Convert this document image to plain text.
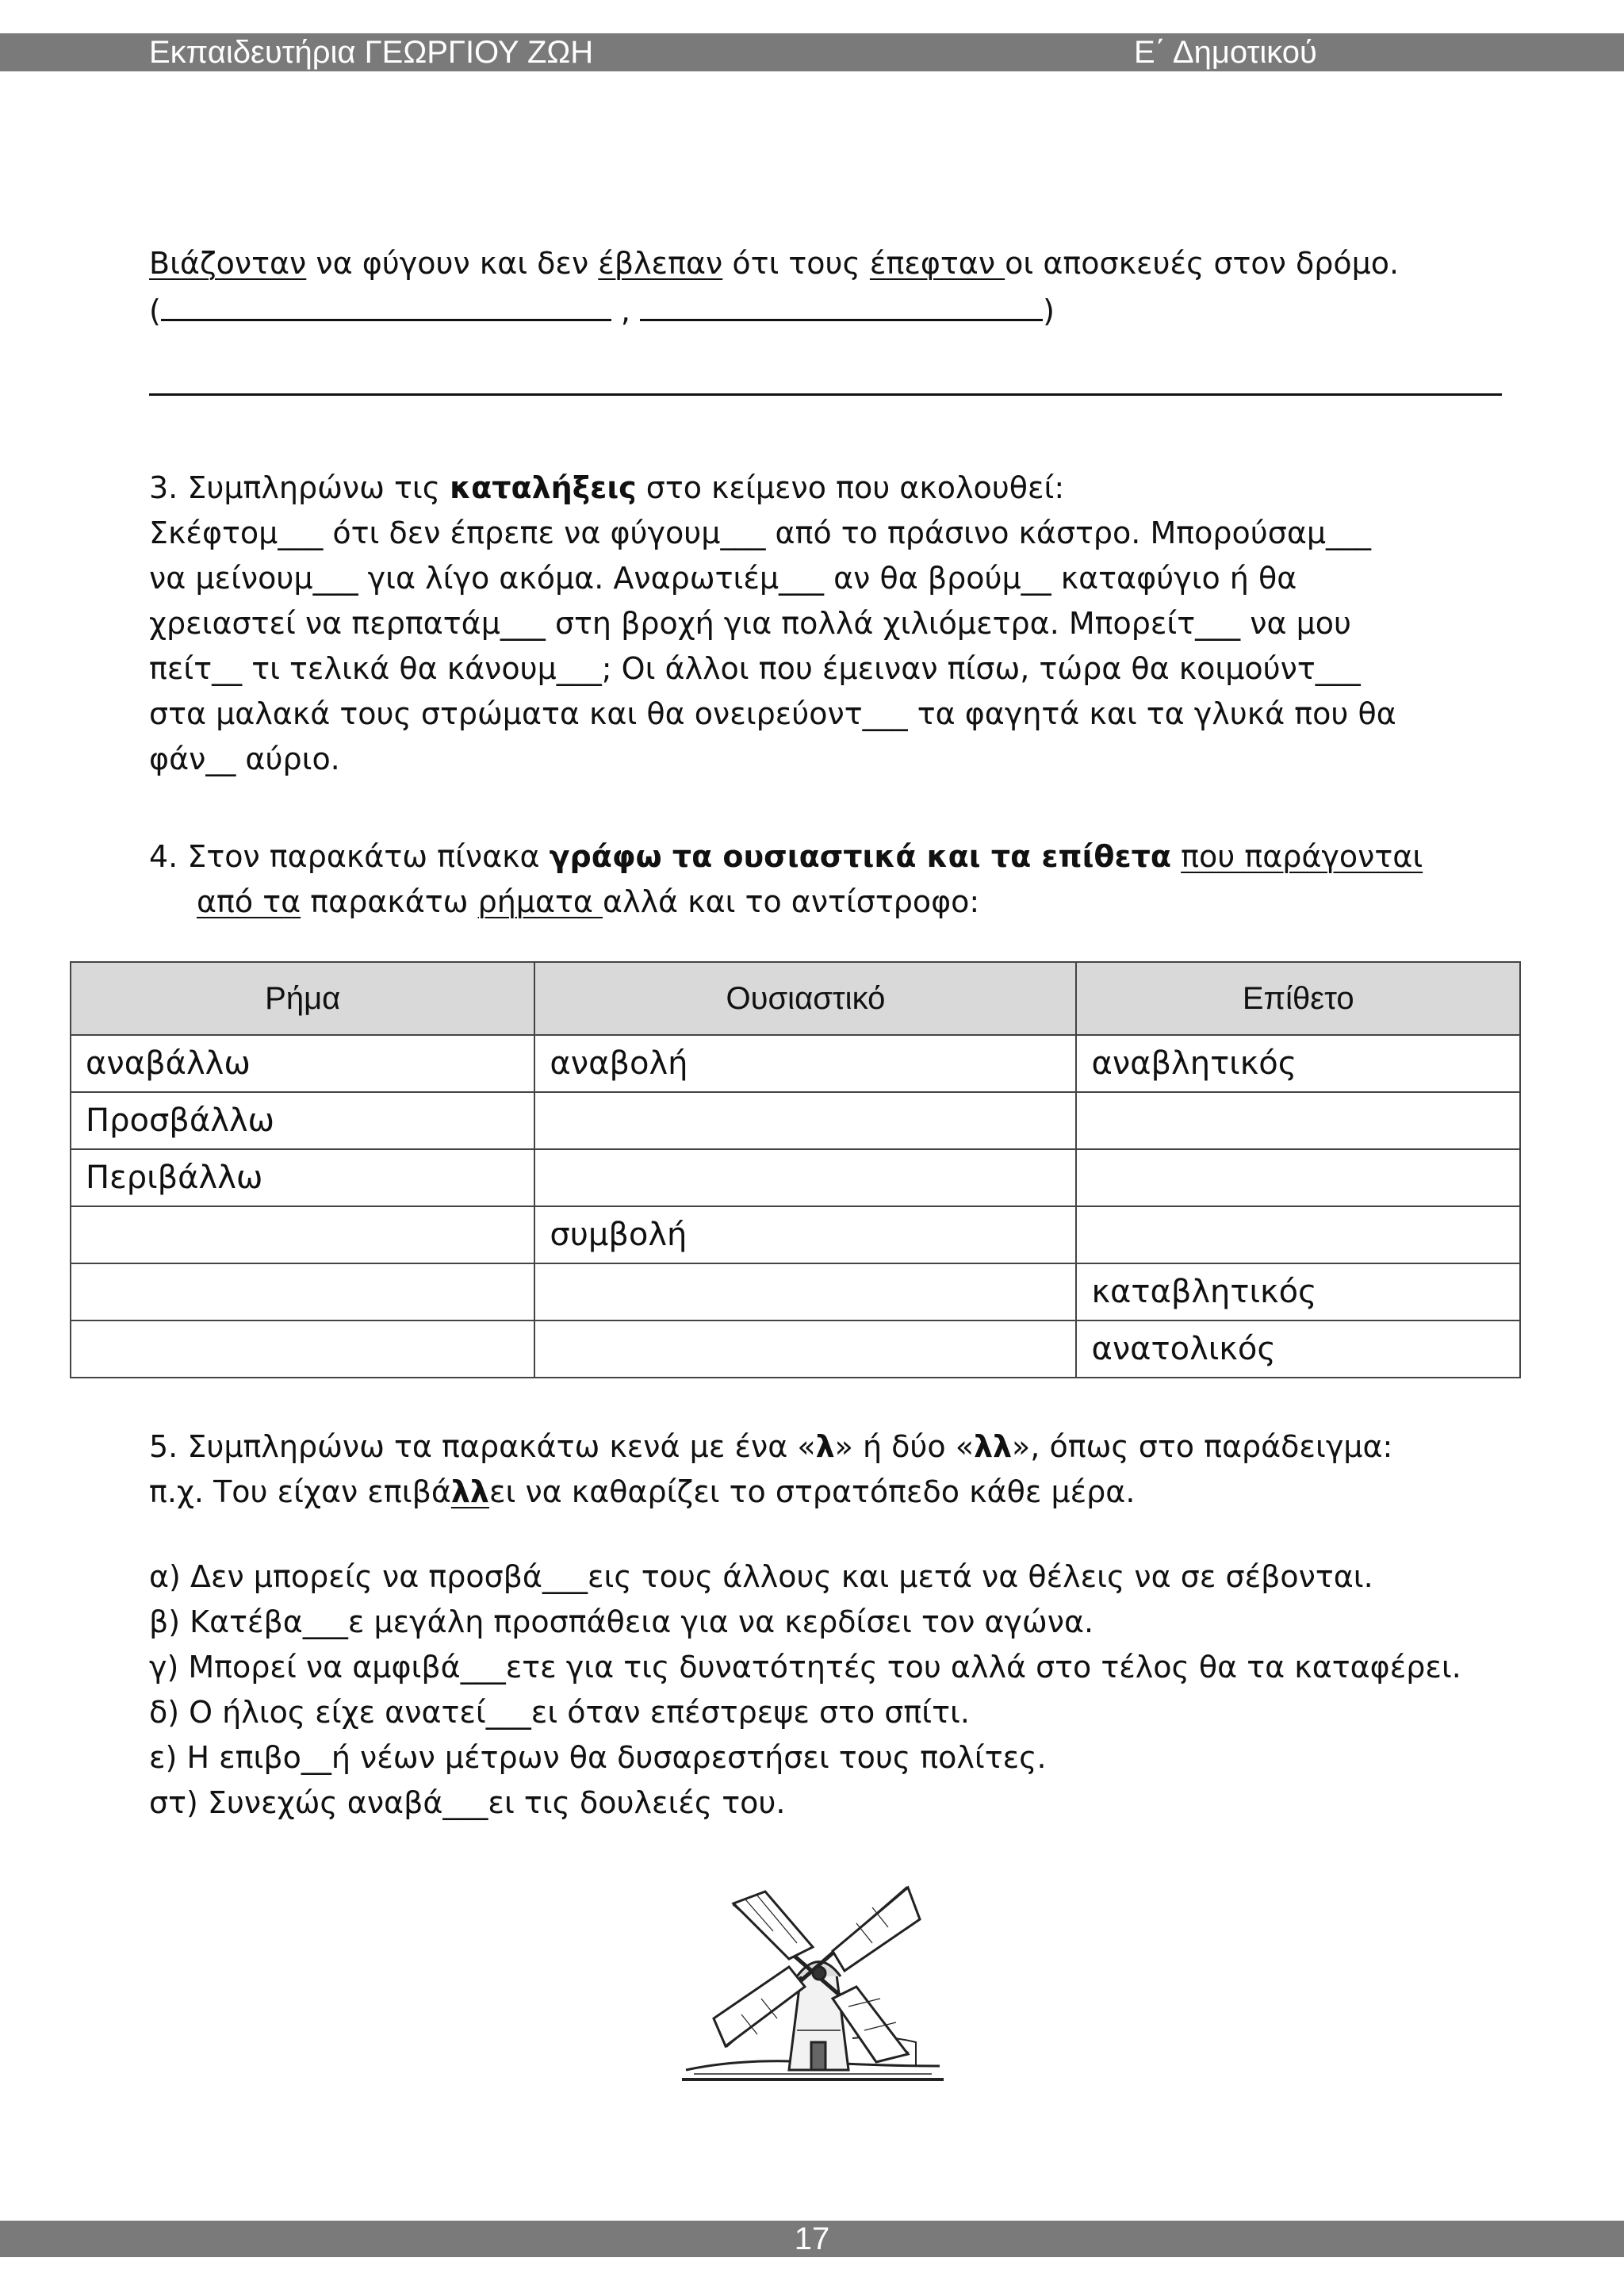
Εκπαιδευτήρια ΓΕΩΡΓΙΟΥ ΖΩΗ	Ε΄ Δημοτικού
Βιάζονταν να φύγουν και δεν έβλεπαν ότι τους έπεφταν οι αποσκευές στον δρόμο.
(	,	)
3. Συμπληρώνω τις καταλήξεις στο κείμενο που ακολουθεί:
Σκέφτομ___ ότι δεν έπρεπε να φύγουμ___ από το πράσινο κάστρο. Μπορούσαμ___
να μείνουμ___ για λίγο ακόμα. Αναρωτιέμ___ αν θα βρούμ__ καταφύγιο ή θα
χρειαστεί να περπατάμ___ στη βροχή για πολλά χιλιόμετρα. Μπορείτ___ να μου
πείτ__ τι τελικά θα κάνουμ___; Οι άλλοι που έμειναν πίσω, τώρα θα κοιμούντ___
στα μαλακά τους στρώματα και θα ονειρεύοντ___ τα φαγητά και τα γλυκά που θα
φάν__ αύριο.
4. Στον παρακάτω πίνακα γράφω τα ουσιαστικά και τα επίθετα που παράγονται
από τα παρακάτω ρήματα αλλά και το αντίστροφο:
Ρήμα	Ουσιαστικό	Επίθετο
αναβάλλω	αναβολή	αναβλητικός
Προσβάλλω		
Περιβάλλω		
	συμβολή	
		καταβλητικός
		ανατολικός
5. Συμπληρώνω τα παρακάτω κενά με ένα «λ» ή δύο «λλ», όπως στο παράδειγμα:
π.χ. Του είχαν επιβάλλει να καθαρίζει το στρατόπεδο κάθε μέρα.
α) Δεν μπορείς να προσβά___εις τους άλλους και μετά να θέλεις να σε σέβονται.
β) Κατέβα___ε μεγάλη προσπάθεια για να κερδίσει τον αγώνα.
γ) Μπορεί να αμφιβά___ετε για τις δυνατότητές του αλλά στο τέλος θα τα καταφέρει.
δ) Ο ήλιος είχε ανατεί___ει όταν επέστρεψε στο σπίτι.
ε) Η επιβο__ή νέων μέτρων θα δυσαρεστήσει τους πολίτες.
στ) Συνεχώς αναβά___ει τις δουλειές του.
17
